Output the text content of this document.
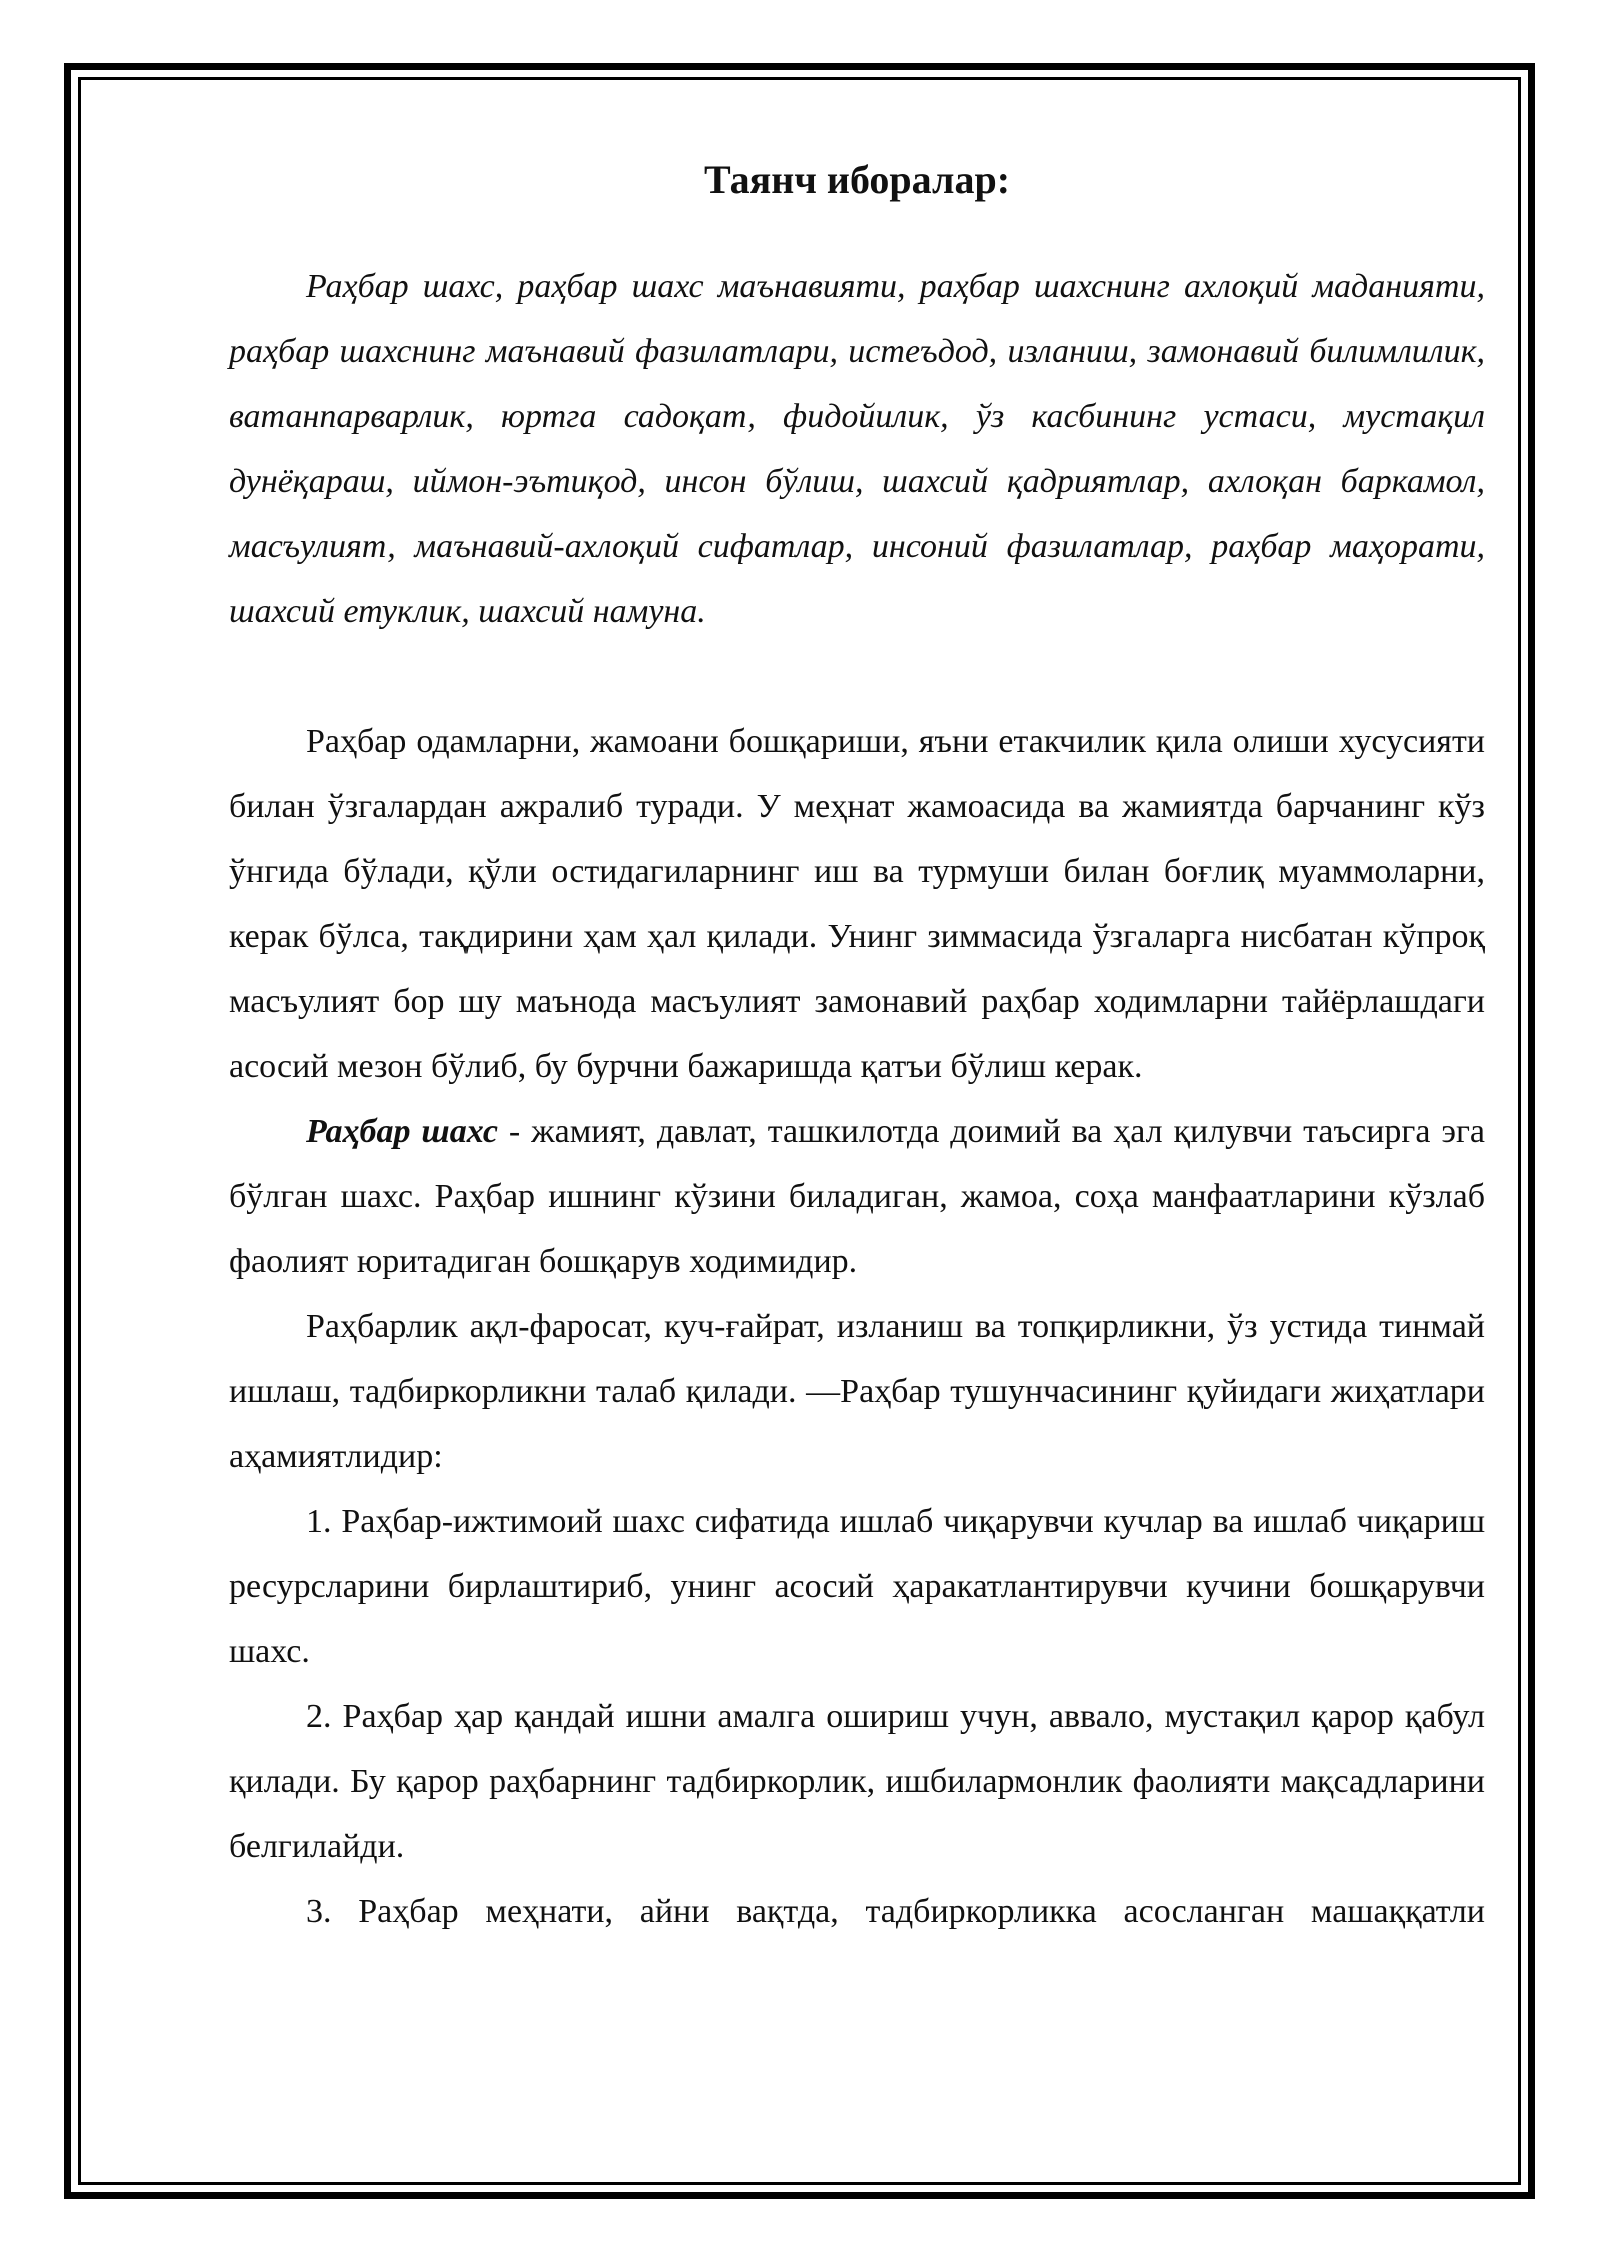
Таянч иборалар:

Раҳбар шахс, раҳбар шахс маънавияти, раҳбар шахснинг ахлоқий маданияти, раҳбар шахснинг маънавий фазилатлари, истеъдод, изланиш, замонавий билимлилик, ватанпарварлик, юртга садоқат, фидойилик, ўз касбининг устаси, мустақил дунёқараш, иймон-эътиқод, инсон бўлиш, шахсий қадриятлар, ахлоқан баркамол, масъулият, маънавий-ахлоқий сифатлар, инсоний фазилатлар, раҳбар маҳорати, шахсий етуклик, шахсий намуна.

Раҳбар одамларни, жамоани бошқариши, яъни етакчилик қила олиши хусусияти билан ўзгалардан ажралиб туради. У меҳнат жамоасида ва жамиятда барчанинг кўз ўнгида бўлади, қўли остидагиларнинг иш ва турмуши билан боғлиқ муаммоларни, керак бўлса, тақдирини ҳам ҳал қилади. Унинг зиммасида ўзгаларга нисбатан кўпроқ масъулият бор шу маънода масъулият замонавий раҳбар ходимларни тайёрлашдаги асосий мезон бўлиб, бу бурчни бажаришда қатъи бўлиш керак.

Раҳбар шахс - жамият, давлат, ташкилотда доимий ва ҳал қилувчи таъсирга эга бўлган шахс. Раҳбар ишнинг кўзини биладиган, жамоа, соҳа манфаатларини кўзлаб фаолият юритадиган бошқарув ходимидир.

Раҳбарлик ақл-фаросат, куч-ғайрат, изланиш ва топқирликни, ўз устида тинмай ишлаш, тадбиркорликни талаб қилади. ―Раҳбар тушунчасининг қуйидаги жиҳатлари аҳамиятлидир:

1. Раҳбар-ижтимоий шахс сифатида ишлаб чиқарувчи кучлар ва ишлаб чиқариш ресурсларини бирлаштириб, унинг асосий ҳаракатлантирувчи кучини бошқарувчи шахс.

2. Раҳбар ҳар қандай ишни амалга ошириш учун, аввало, мустақил қарор қабул қилади. Бу қарор раҳбарнинг тадбиркорлик, ишбилармонлик фаолияти мақсадларини белгилайди.

3. Раҳбар меҳнати, айни вақтда, тадбиркорликка асосланган машаққатли
